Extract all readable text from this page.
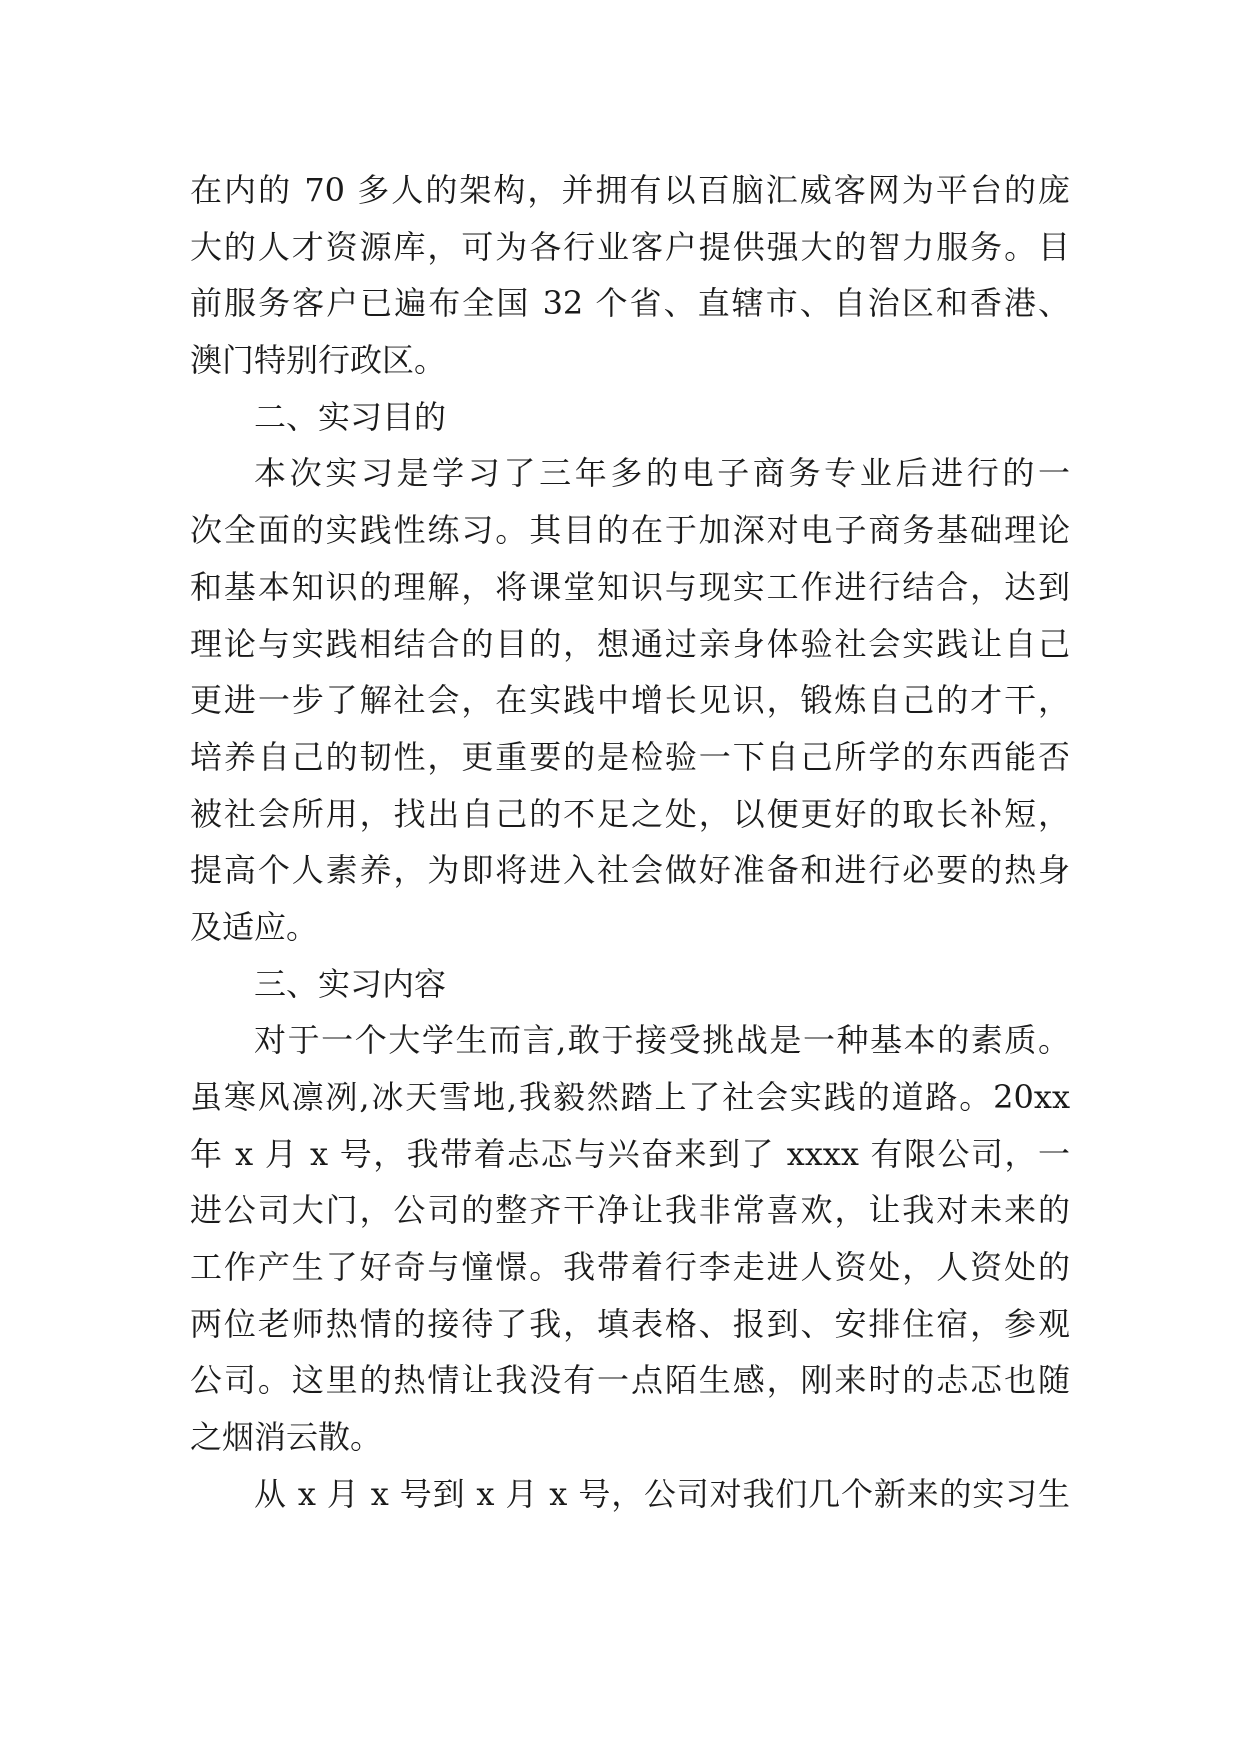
在内的 70 多人的架构，并拥有以百脑汇威客网为平台的庞
大的人才资源库，可为各行业客户提供强大的智力服务。目
前服务客户已遍布全国 32 个省、直辖市、自治区和香港、
澳门特别行政区。
二、实习目的
本次实习是学习了三年多的电子商务专业后进行的一
次全面的实践性练习。其目的在于加深对电子商务基础理论
和基本知识的理解，将课堂知识与现实工作进行结合，达到
理论与实践相结合的目的，想通过亲身体验社会实践让自己
更进一步了解社会，在实践中增长见识，锻炼自己的才干，
培养自己的韧性，更重要的是检验一下自己所学的东西能否
被社会所用，找出自己的不足之处，以便更好的取长补短，
提高个人素养，为即将进入社会做好准备和进行必要的热身
及适应。
三、实习内容
对于一个大学生而言,敢于接受挑战是一种基本的素质。
虽寒风凛冽,冰天雪地,我毅然踏上了社会实践的道路。20xx
年 x 月 x 号，我带着忐忑与兴奋来到了 xxxx 有限公司，一
进公司大门，公司的整齐干净让我非常喜欢，让我对未来的
工作产生了好奇与憧憬。我带着行李走进人资处，人资处的
两位老师热情的接待了我，填表格、报到、安排住宿，参观
公司。这里的热情让我没有一点陌生感，刚来时的忐忑也随
之烟消云散。
从 x 月 x 号到 x 月 x 号，公司对我们几个新来的实习生
